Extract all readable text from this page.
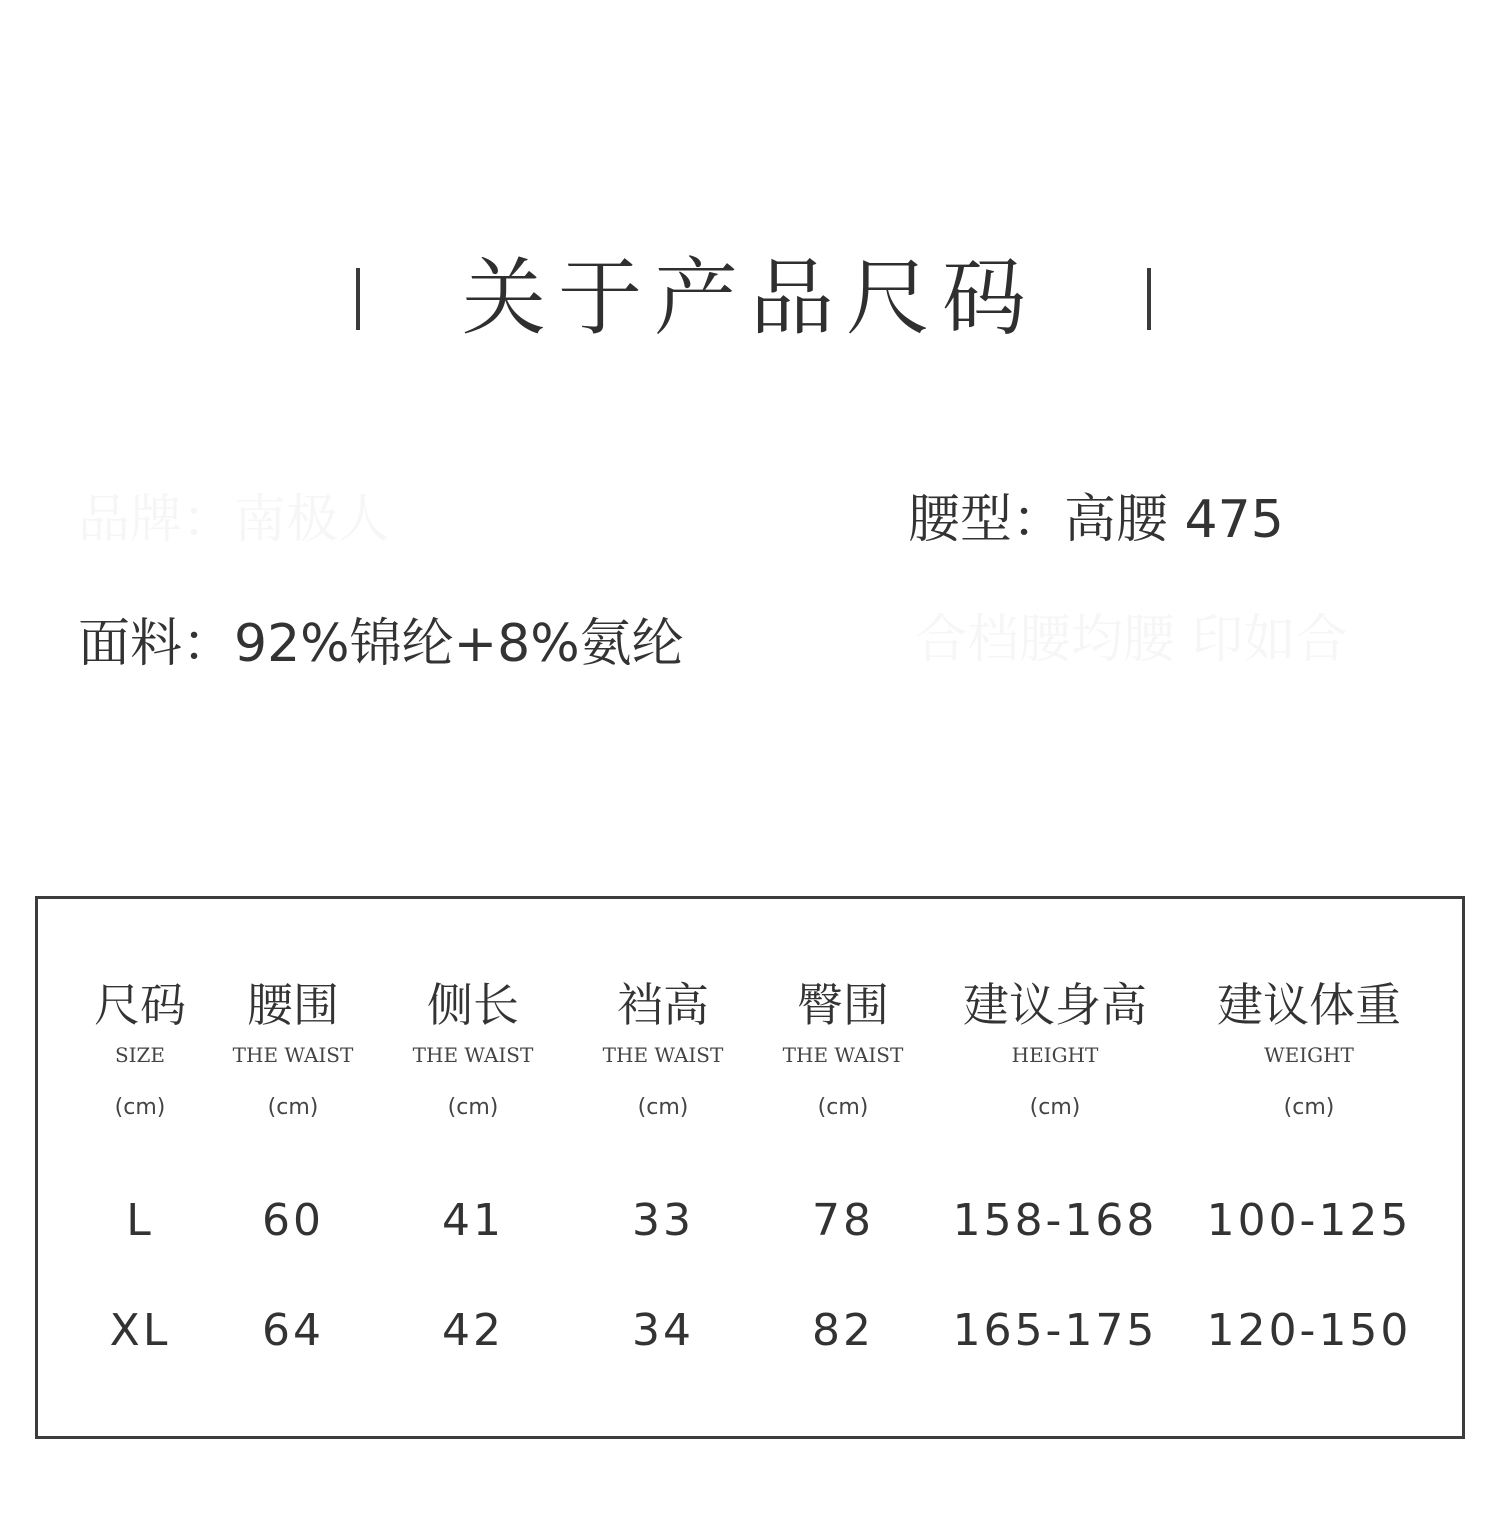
关于产品尺码
品牌：南极人	腰型：高腰 475
面料：92%锦纶+8%氨纶	合档腰均腰 印如合
尺码
SIZE
(cm)
L
XL
腰围
THE WAIST
(cm)
60
64
侧长
THE WAIST
(cm)
41
42
裆高
THE WAIST
(cm)
33
34
臀围
THE WAIST
(cm)
78
82
建议身高
HEIGHT
(cm)
158-168
165-175
建议体重
WEIGHT
(cm)
100-125
120-150
